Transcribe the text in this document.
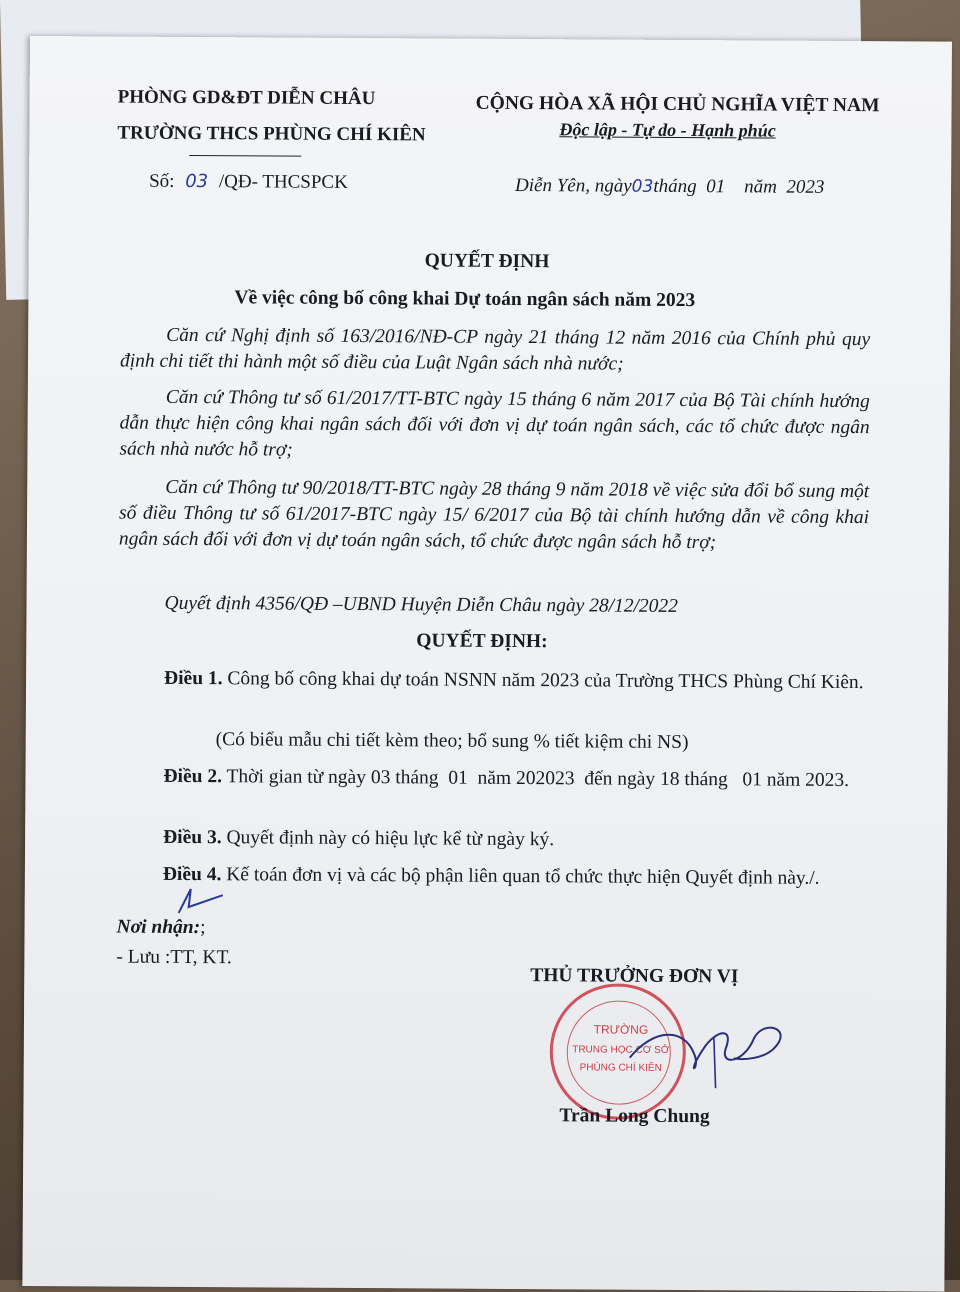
PHÒNG GD&ĐT DIỄN CHÂU
TRƯỜNG THCS PHÙNG CHÍ KIÊN
Số: 03 /QĐ- THCSPCK
CỘNG HÒA XÃ HỘI CHỦ NGHĨA VIỆT NAM
Độc lập - Tự do - Hạnh phúc
Diễn Yên, ngày03tháng  01    năm  2023
QUYẾT ĐỊNH
Về việc công bố công khai Dự toán ngân sách năm 2023
Căn cứ Nghị định số 163/2016/NĐ-CP ngày 21 tháng 12 năm 2016 của Chính phủ quy định chi tiết thi hành một số điều của Luật Ngân sách nhà nước;
Căn cứ Thông tư số 61/2017/TT-BTC ngày 15 tháng 6 năm 2017 của Bộ Tài chính hướng dẫn thực hiện công khai ngân sách đối với đơn vị dự toán ngân sách, các tổ chức được ngân sách nhà nước hỗ trợ;
Căn cứ Thông tư 90/2018/TT-BTC ngày 28 tháng 9 năm 2018 về việc sửa đổi bổ sung một số điều Thông tư số 61/2017-BTC ngày 15/ 6/2017 của Bộ tài chính hướng dẫn về công khai ngân sách đối với đơn vị dự toán ngân sách, tổ chức được ngân sách hỗ trợ;
Quyết định 4356/QĐ –UBND Huyện Diễn Châu ngày 28/12/2022
QUYẾT ĐỊNH:
Điều 1. Công bố công khai dự toán NSNN năm 2023 của Trường THCS Phùng Chí Kiên.
(Có biểu mẫu chi tiết kèm theo; bổ sung % tiết kiệm chi NS)
Điều 2. Thời gian từ ngày 03 tháng  01  năm 202023  đến ngày 18 tháng   01 năm 2023.
Điều 3. Quyết định này có hiệu lực kể từ ngày ký.
Điều 4. Kế toán đơn vị và các bộ phận liên quan tổ chức thực hiện Quyết định này./.
Nơi nhận:;
- Lưu :TT, KT.
THỦ TRƯỞNG ĐƠN VỊ
TRƯỜNG
TRUNG HỌC CƠ SỞ
PHÙNG CHÍ KIÊN
Trần Long Chung
